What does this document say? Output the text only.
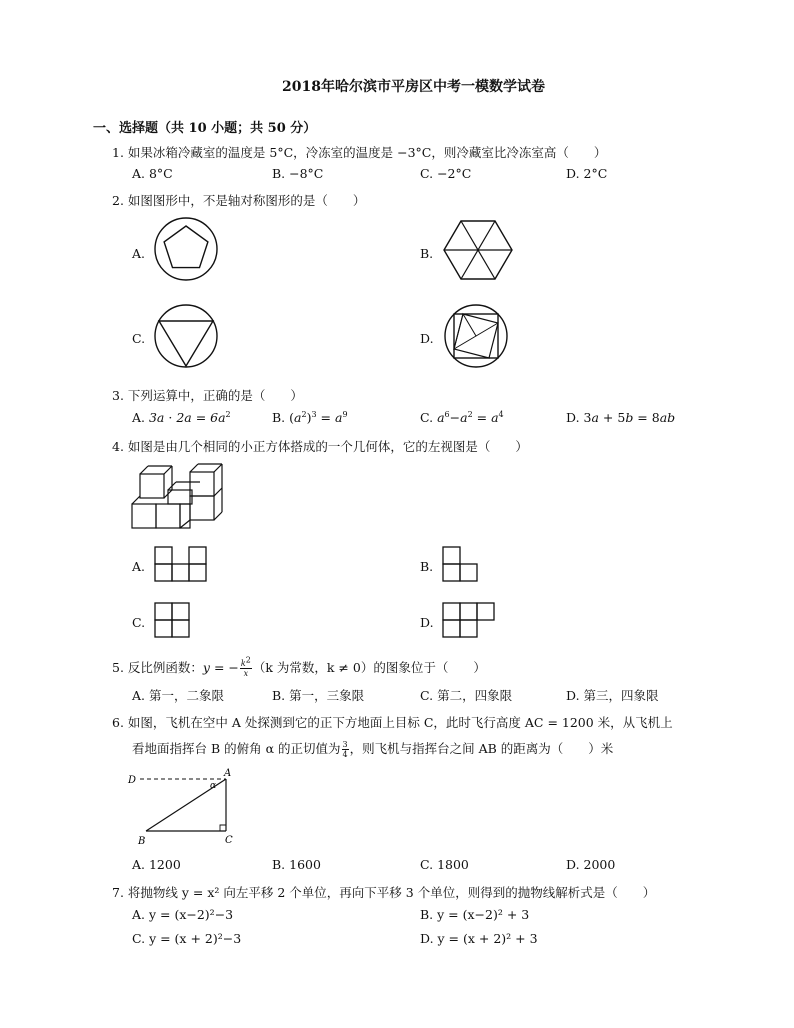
2018年哈尔滨市平房区中考一模数学试卷
一、选择题（共 10 小题；共 50 分）
1. 如果冰箱冷藏室的温度是 5°C，冷冻室的温度是 −3°C，则冷藏室比冷冻室高（　　）
A. 8°C	B. −8°C	C. −2°C	D. 2°C
2. 如图图形中，不是轴对称图形的是（　　）
A.	B.
C.	D.
3. 下列运算中，正确的是（　　）
A. $3a \cdot 2a = 6a^2$	B. $(a^2)^3 = a^9$	C. $a^6-a^2 = a^4$	D. 3a + 5b = 8ab
4. 如图是由几个相同的小正方体搭成的一个几何体，它的左视图是（　　）
A.	B.
C.	D.
5. 反比例函数：y = − $\frac{k^2}{x} (k$ 为常数，k ≠ 0）的图象位于（　　）
A. 第一，二象限	B. 第一，三象限	C. 第二，四象限	D. 第三，四象限
6. 如图，飞机在空中 A 处探测到它的正下方地面上目标 C，此时飞行高度 AC = 1200 米，从飞机上
看地面指挥台 B 的俯角 α 的正切值为 $\frac{3}{4}$ ，则飞机与指挥台之间 AB 的距离为（　　）米
D
A
α
B	C
A. 1200	B. 1600	C. 1800	D. 2000
7. 将抛物线 y = x² 向左平移 2 个单位，再向下平移 3 个单位，则得到的抛物线解析式是（　　）
A. y = (x−2)²−3	B. y = (x−2)² + 3
C. y = (x + 2)²−3	D. y = (x + 2)² + 3
